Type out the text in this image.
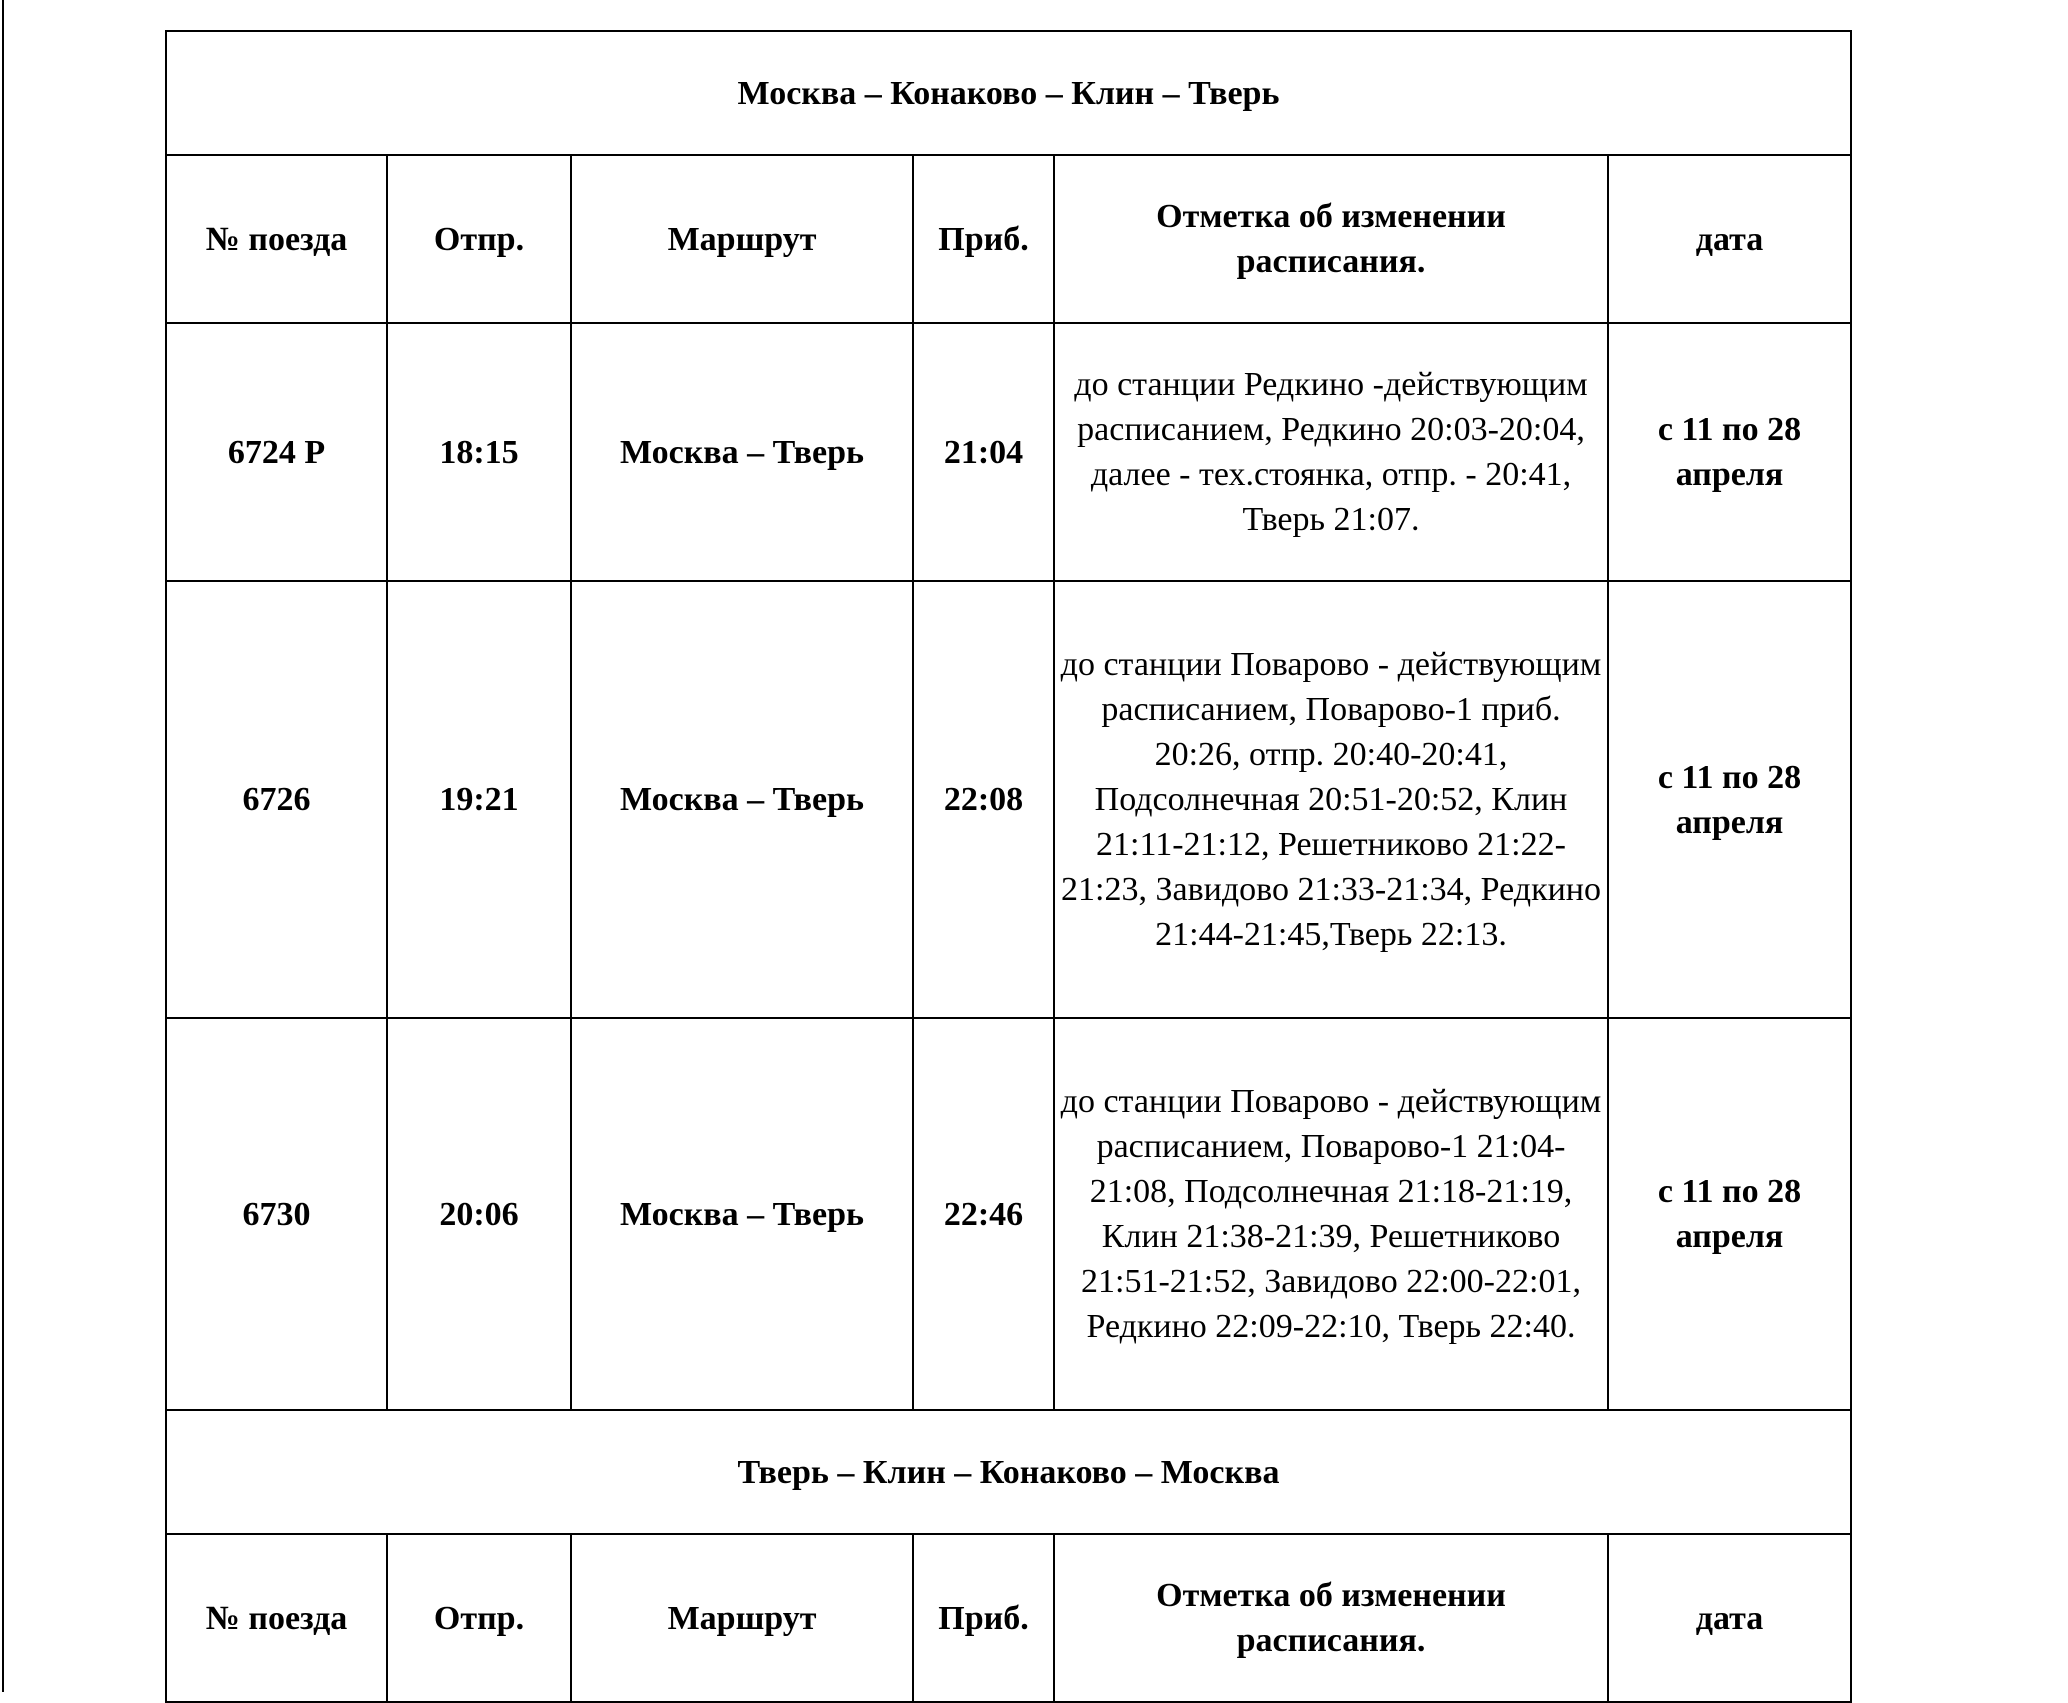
Москва – Конаково – Клин – Тверь					
№ поезда	Отпр.	Маршрут	Приб.	Отметка об изменении расписания.	дата
6724 Р	18:15	Москва – Тверь	21:04	до станции Редкино -действующим расписанием, Редкино 20:03-20:04, далее - тех.стоянка, отпр. - 20:41, Тверь 21:07.	с 11 по 28 апреля
6726	19:21	Москва – Тверь	22:08	до станции Поварово - действующим расписанием, Поварово-1 приб. 20:26, отпр. 20:40-20:41, Подсолнечная 20:51-20:52, Клин 21:11-21:12, Решетниково 21:22-21:23, Завидово 21:33-21:34, Редкино 21:44-21:45,Тверь 22:13.	с 11 по 28 апреля
6730	20:06	Москва – Тверь	22:46	до станции Поварово - действующим расписанием, Поварово-1 21:04-21:08, Подсолнечная 21:18-21:19, Клин 21:38-21:39, Решетниково 21:51-21:52, Завидово 22:00-22:01, Редкино 22:09-22:10, Тверь 22:40.	с 11 по 28 апреля
Тверь – Клин – Конаково – Москва					
№ поезда	Отпр.	Маршрут	Приб.	Отметка об изменении расписания.	дата
